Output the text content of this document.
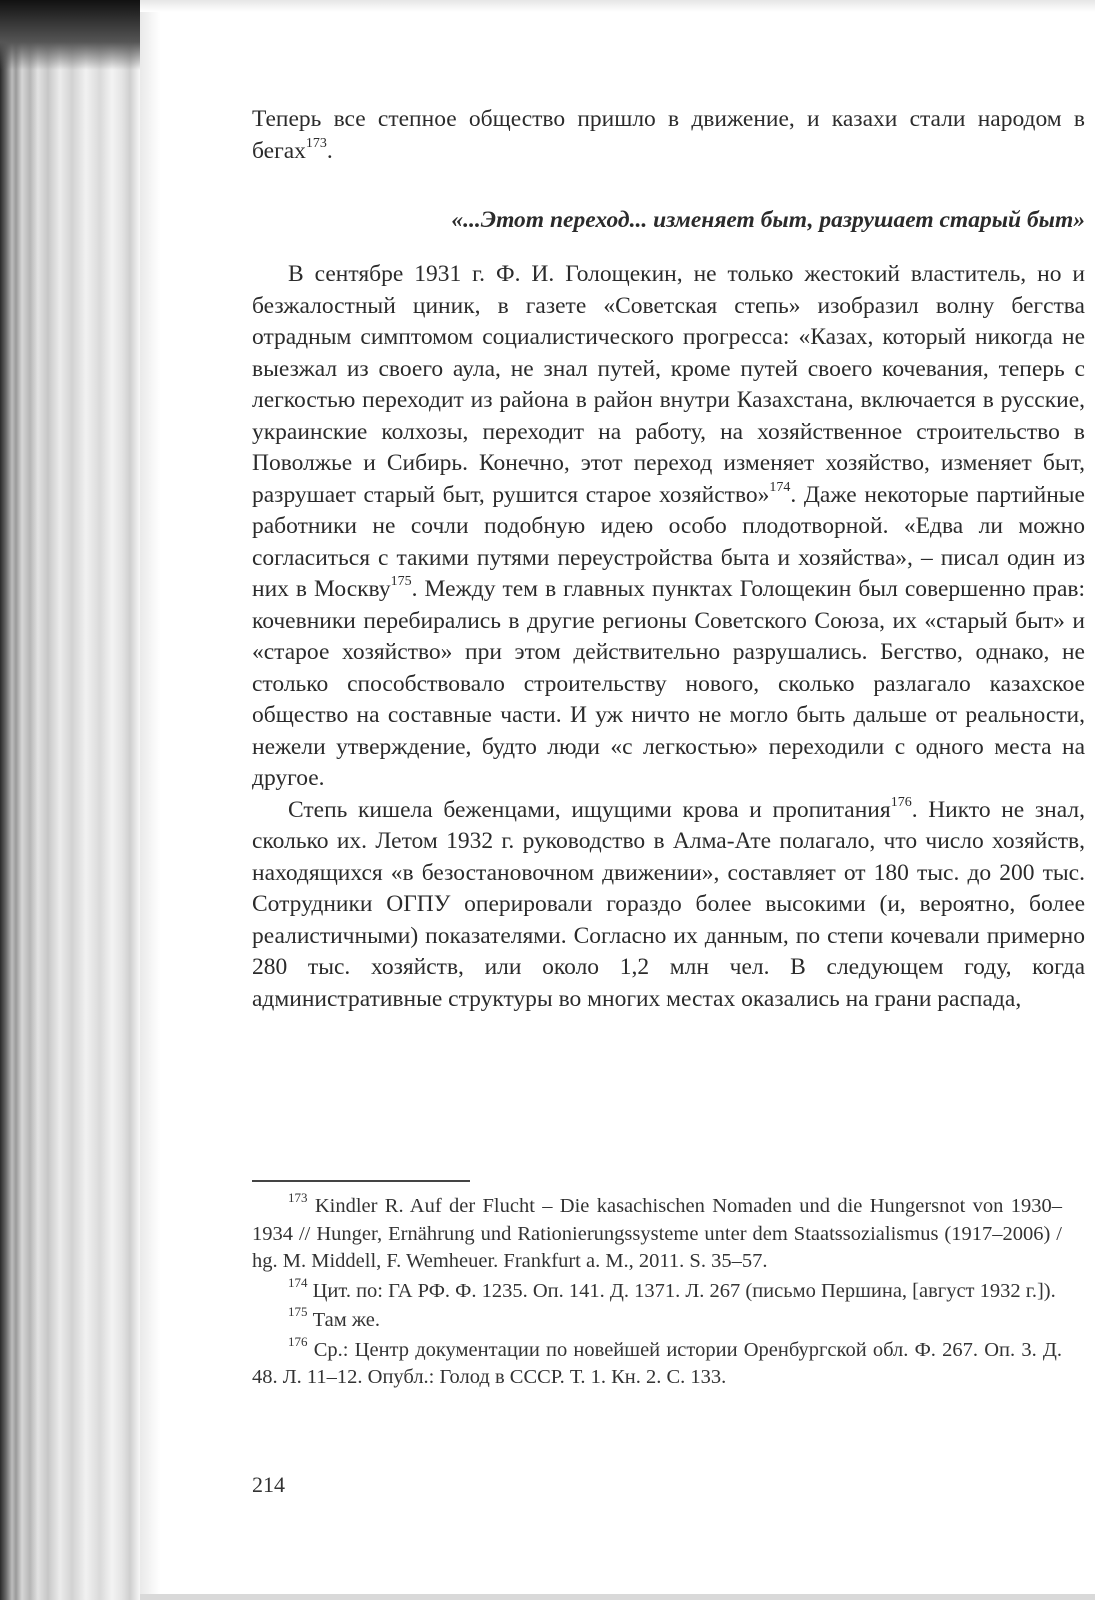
Теперь все степное общество пришло в движение, и казахи стали народом в бегах$^{173}$.

«...Этот переход... изменяет быт, разрушает старый быт»

В сентябре 1931 г. Ф. И. Голощекин, не только жестокий властитель, но и безжалостный циник, в газете «Советская степь» изобразил волну бегства отрадным симптомом социалистического прогресса: «Казах, который никогда не выезжал из своего аула, не знал путей, кроме путей своего кочевания, теперь с легкостью переходит из района в район внутри Казахстана, включается в русские, украинские колхозы, переходит на работу, на хозяйственное строительство в Поволжье и Сибирь. Конечно, этот переход изменяет хозяйство, изменяет быт, разрушает старый быт, рушится старое хозяйство»$^{174}$. Даже некоторые партийные работники не сочли подобную идею особо плодотворной. «Едва ли можно согласиться с такими путями переустройства быта и хозяйства», – писал один из них в Москву$^{175}$. Между тем в главных пунктах Голощекин был совершенно прав: кочевники перебирались в другие регионы Советского Союза, их «старый быт» и «старое хозяйство» при этом действительно разрушались. Бегство, однако, не столько способствовало строительству нового, сколько разлагало казахское общество на составные части. И уж ничто не могло быть дальше от реальности, нежели утверждение, будто люди «с легкостью» переходили с одного места на другое.

Степь кишела беженцами, ищущими крова и пропитания$^{176}$. Никто не знал, сколько их. Летом 1932 г. руководство в Алма-Ате полагало, что число хозяйств, находящихся «в безостановочном движении», составляет от 180 тыс. до 200 тыс. Сотрудники ОГПУ оперировали гораздо более высокими (и, вероятно, более реалистичными) показателями. Согласно их данным, по степи кочевали примерно 280 тыс. хозяйств, или около 1,2 млн чел. В следующем году, когда административные структуры во многих местах оказались на грани распада,

$^{173}$ Kindler R. Auf der Flucht – Die kasachischen Nomaden und die Hungersnot von 1930–1934 // Hunger, Ernährung und Rationierungssysteme unter dem Staatssozialismus (1917–2006) / hg. M. Middell, F. Wemheuer. Frankfurt a. M., 2011. S. 35–57.

$^{174}$ Цит. по: ГА РФ. Ф. 1235. Оп. 141. Д. 1371. Л. 267 (письмо Першина, [август 1932 г.]).

$^{175}$ Там же.

$^{176}$ Ср.: Центр документации по новейшей истории Оренбургской обл. Ф. 267. Оп. 3. Д. 48. Л. 11–12. Опубл.: Голод в СССР. Т. 1. Кн. 2. С. 133.

214
